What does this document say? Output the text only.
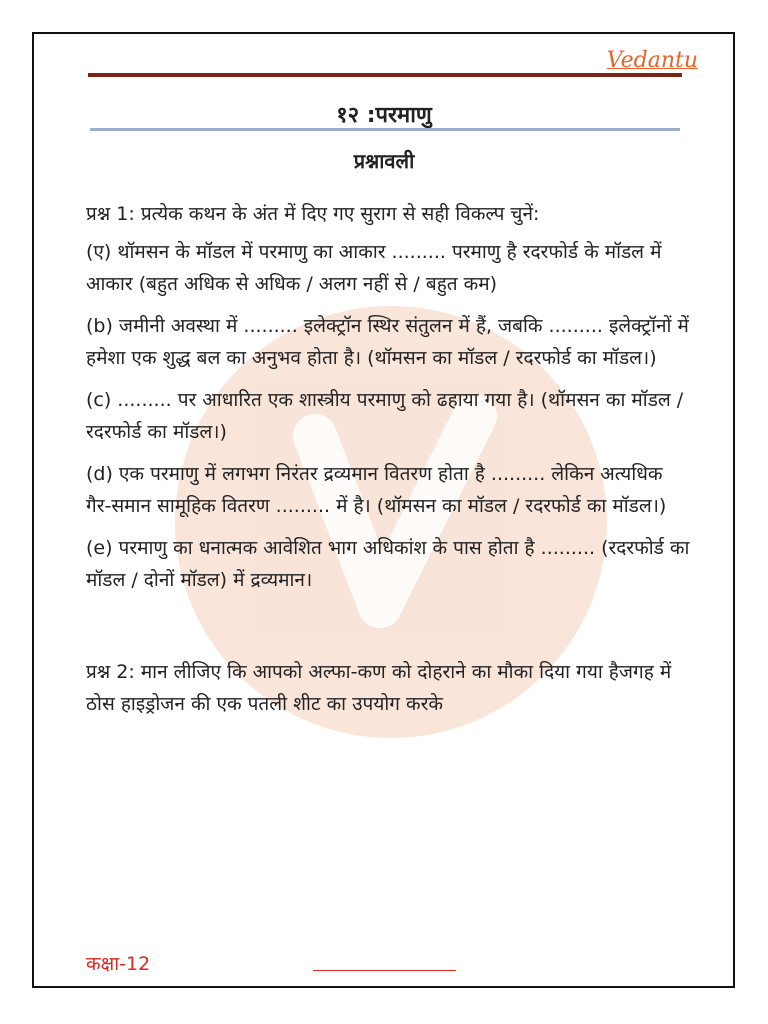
Vedantu
१२ :परमाणु
प्रश्नावली

प्रश्न 1: प्रत्येक कथन के अंत में दिए गए सुराग से सही विकल्प चुनें:

(ए) थॉमसन के मॉडल में परमाणु का आकार ......... परमाणु है रदरफोर्ड के मॉडल में आकार (बहुत अधिक से अधिक / अलग नहीं से / बहुत कम)

(b) जमीनी अवस्था में ......... इलेक्ट्रॉन स्थिर संतुलन में हैं, जबकि ......... इलेक्ट्रॉनों में हमेशा एक शुद्ध बल का अनुभव होता है। (थॉमसन का मॉडल / रदरफोर्ड का मॉडल।)

(c) ......... पर आधारित एक शास्त्रीय परमाणु को ढहाया गया है। (थॉमसन का मॉडल / रदरफोर्ड का मॉडल।)

(d) एक परमाणु में लगभग निरंतर द्रव्यमान वितरण होता है ......... लेकिन अत्यधिक गैर-समान सामूहिक वितरण ......... में है। (थॉमसन का मॉडल / रदरफोर्ड का मॉडल।)

(e) परमाणु का धनात्मक आवेशित भाग अधिकांश के पास होता है ......... (रदरफोर्ड का मॉडल / दोनों मॉडल) में द्रव्यमान।

प्रश्न 2: मान लीजिए कि आपको अल्फा-कण को दोहराने का मौका दिया गया हैजगह में ठोस हाइड्रोजन की एक पतली शीट का उपयोग करके

कक्षा-12
